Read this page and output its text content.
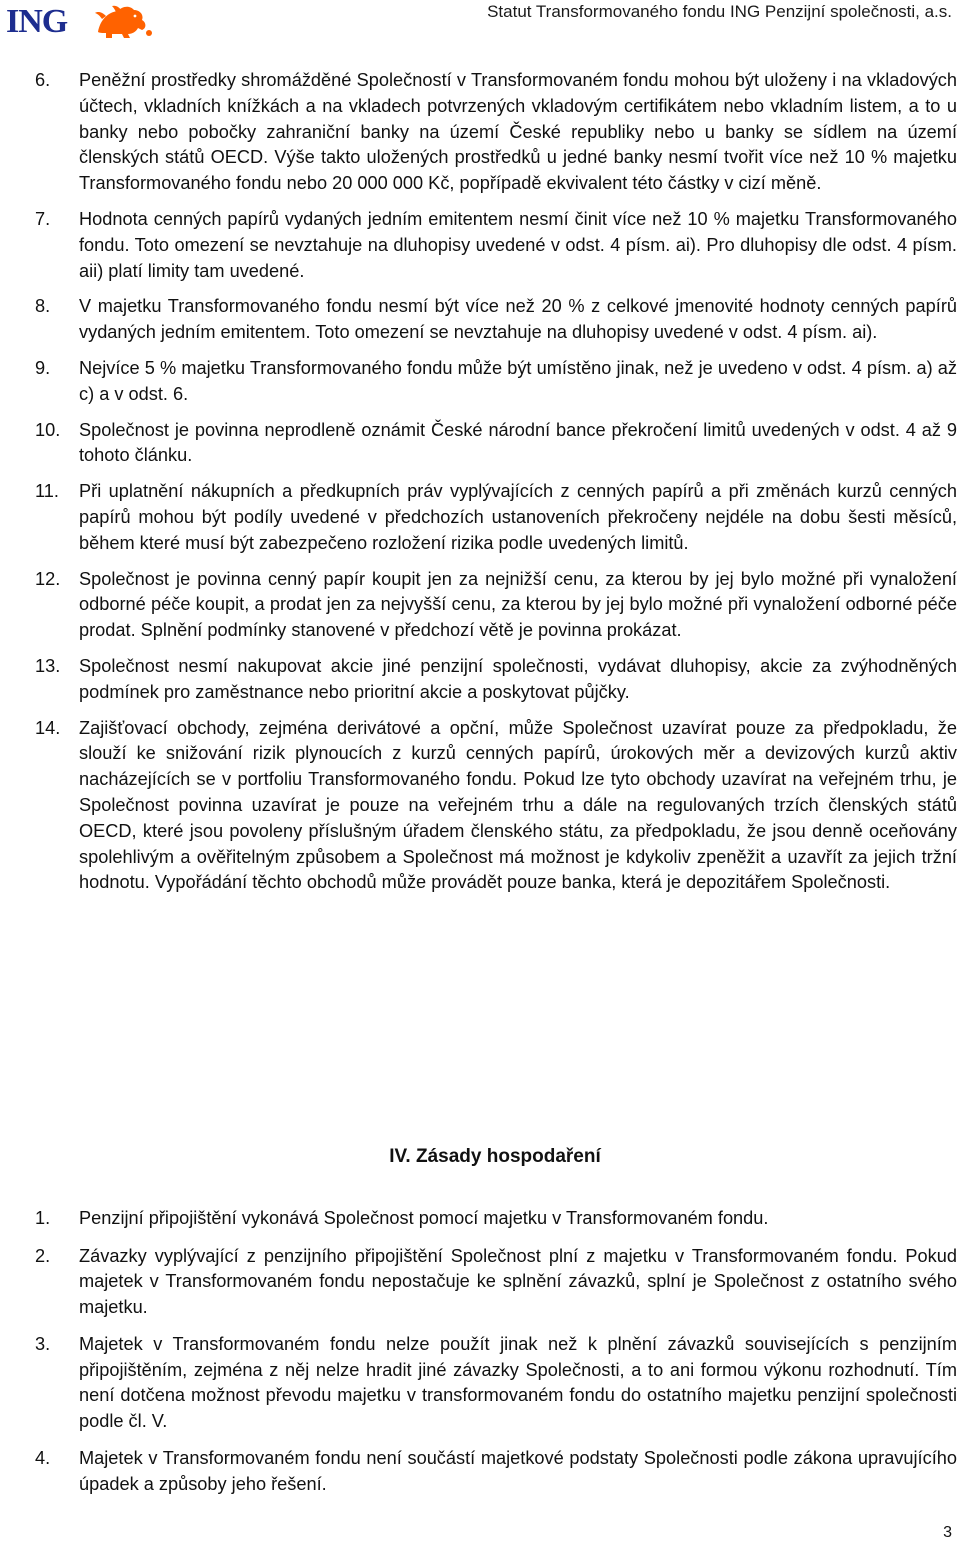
ING	Statut Transformovaného fondu ING Penzijní společnosti, a.s.
6. Peněžní prostředky shromážděné Společností v Transformovaném fondu mohou být uloženy i na vkladových účtech, vkladních knížkách a na vkladech potvrzených vkladovým certifikátem nebo vkladním listem, a to u banky nebo pobočky zahraniční banky na území České republiky nebo u banky se sídlem na území členských států OECD. Výše takto uložených prostředků u jedné banky nesmí tvořit více než 10 % majetku Transformovaného fondu nebo 20 000 000 Kč, popřípadě ekvivalent této částky v cizí měně.
7. Hodnota cenných papírů vydaných jedním emitentem nesmí činit více než 10 % majetku Transformovaného fondu. Toto omezení se nevztahuje na dluhopisy uvedené v odst. 4 písm. ai). Pro dluhopisy dle odst. 4 písm. aii) platí limity tam uvedené.
8. V majetku Transformovaného fondu nesmí být více než 20 % z celkové jmenovité hodnoty cenných papírů vydaných jedním emitentem. Toto omezení se nevztahuje na dluhopisy uvedené v odst. 4 písm. ai).
9. Nejvíce 5 % majetku Transformovaného fondu může být umístěno jinak, než je uvedeno v odst. 4 písm. a) až c) a v odst. 6.
10. Společnost je povinna neprodleně oznámit České národní bance překročení limitů uvedených v odst. 4 až 9 tohoto článku.
11. Při uplatnění nákupních a předkupních práv vyplývajících z cenných papírů a při změnách kurzů cenných papírů mohou být podíly uvedené v předchozích ustanoveních překročeny nejdéle na dobu šesti měsíců, během které musí být zabezpečeno rozložení rizika podle uvedených limitů.
12. Společnost je povinna cenný papír koupit jen za nejnižší cenu, za kterou by jej bylo možné při vynaložení odborné péče koupit, a prodat jen za nejvyšší cenu, za kterou by jej bylo možné při vynaložení odborné péče prodat. Splnění podmínky stanovené v předchozí větě je povinna prokázat.
13. Společnost nesmí nakupovat akcie jiné penzijní společnosti, vydávat dluhopisy, akcie za zvýhodněných podmínek pro zaměstnance nebo prioritní akcie a poskytovat půjčky.
14. Zajišťovací obchody, zejména derivátové a opční, může Společnost uzavírat pouze za předpokladu, že slouží ke snižování rizik plynoucích z kurzů cenných papírů, úrokových měr a devizových kurzů aktiv nacházejících se v portfoliu Transformovaného fondu. Pokud lze tyto obchody uzavírat na veřejném trhu, je Společnost povinna uzavírat je pouze na veřejném trhu a dále na regulovaných trzích členských států OECD, které jsou povoleny příslušným úřadem členského státu, za předpokladu, že jsou denně oceňovány spolehlivým a ověřitelným způsobem a Společnost má možnost je kdykoliv zpeněžit a uzavřít za jejich tržní hodnotu. Vypořádání těchto obchodů může provádět pouze banka, která je depozitářem Společnosti.
IV. Zásady hospodaření
1. Penzijní připojištění vykonává Společnost pomocí majetku v Transformovaném fondu.
2. Závazky vyplývající z penzijního připojištění Společnost plní z majetku v Transformovaném fondu. Pokud majetek v Transformovaném fondu nepostačuje ke splnění závazků, splní je Společnost z ostatního svého majetku.
3. Majetek v Transformovaném fondu nelze použít jinak než k plnění závazků souvisejících s penzijním připojištěním, zejména z něj nelze hradit jiné závazky Společnosti, a to ani formou výkonu rozhodnutí. Tím není dotčena možnost převodu majetku v transformovaném fondu do ostatního majetku penzijní společnosti podle čl. V.
4. Majetek v Transformovaném fondu není součástí majetkové podstaty Společnosti podle zákona upravujícího úpadek a způsoby jeho řešení.
3
